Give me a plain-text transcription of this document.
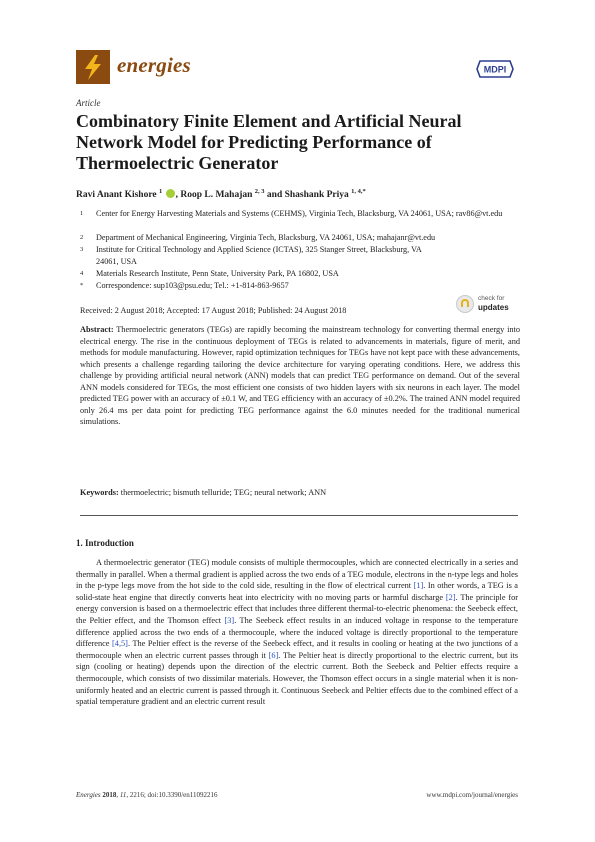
energies	MDPI
Article
Combinatory Finite Element and Artificial Neural Network Model for Predicting Performance of Thermoelectric Generator
Ravi Anant Kishore $^1$ , Roop L. Mahajan $^{2, 3}$ and Shashank Priya $^{1, 4,*}$
1 Center for Energy Harvesting Materials and Systems (CEHMS), Virginia Tech, Blacksburg, VA 24061, USA; rav86@vt.edu
2 Department of Mechanical Engineering, Virginia Tech, Blacksburg, VA 24061, USA; mahajanr@vt.edu
3 Institute for Critical Technology and Applied Science (ICTAS), 325 Stanger Street, Blacksburg, VA 24061, USA
4 Materials Research Institute, Penn State, University Park, PA 16802, USA
* Correspondence: sup103@psu.edu; Tel.: +1-814-863-9657
Received: 2 August 2018; Accepted: 17 August 2018; Published: 24 August 2018
check for
updates
Abstract: Thermoelectric generators (TEGs) are rapidly becoming the mainstream technology for converting thermal energy into electrical energy. The rise in the continuous deployment of TEGs is related to advancements in materials, figure of merit, and methods for module manufacturing. However, rapid optimization techniques for TEGs have not kept pace with these advancements, which presents a challenge regarding tailoring the device architecture for varying operating conditions. Here, we address this challenge by providing artificial neural network (ANN) models that can predict TEG performance on demand. Out of the several ANN models considered for TEGs, the most efficient one consists of two hidden layers with six neurons in each layer. The model predicted TEG power with an accuracy of ±0.1 W, and TEG efficiency with an accuracy of ±0.2%. The trained ANN model required only 26.4 ms per data point for predicting TEG performance against the 6.0 minutes needed for the traditional numerical simulations.
Keywords: thermoelectric; bismuth telluride; TEG; neural network; ANN
1. Introduction
A thermoelectric generator (TEG) module consists of multiple thermocouples, which are connected electrically in a series and thermally in parallel. When a thermal gradient is applied across the two ends of a TEG module, electrons in the n-type legs and holes in the p-type legs move from the hot side to the cold side, resulting in the flow of electrical current [1]. In other words, a TEG is a solid-state heat engine that directly converts heat into electricity with no moving parts or harmful discharge [2]. The principle for energy conversion is based on a thermoelectric effect that includes three different thermal-to-electric phenomena: the Seebeck effect, the Peltier effect, and the Thomson effect [3]. The Seebeck effect results in an induced voltage in response to the temperature difference applied across the two ends of a thermocouple, where the induced voltage is directly proportional to the temperature difference [4,5]. The Peltier effect is the reverse of the Seebeck effect, and it results in cooling or heating at the two junctions of a thermocouple when an electric current passes through it [6]. The Peltier heat is directly proportional to the electric current, but its sign (cooling or heating) depends upon the direction of the electric current. Both the Seebeck and Peltier effects require a thermocouple, which consists of two dissimilar materials. However, the Thomson effect occurs in a single material when it is non-uniformly heated and an electric current is passed through it. Continuous Seebeck and Peltier effects due to the combined effect of a spatial temperature gradient and an electric current result
Energies 2018, 11, 2216; doi:10.3390/en11092216	www.mdpi.com/journal/energies
